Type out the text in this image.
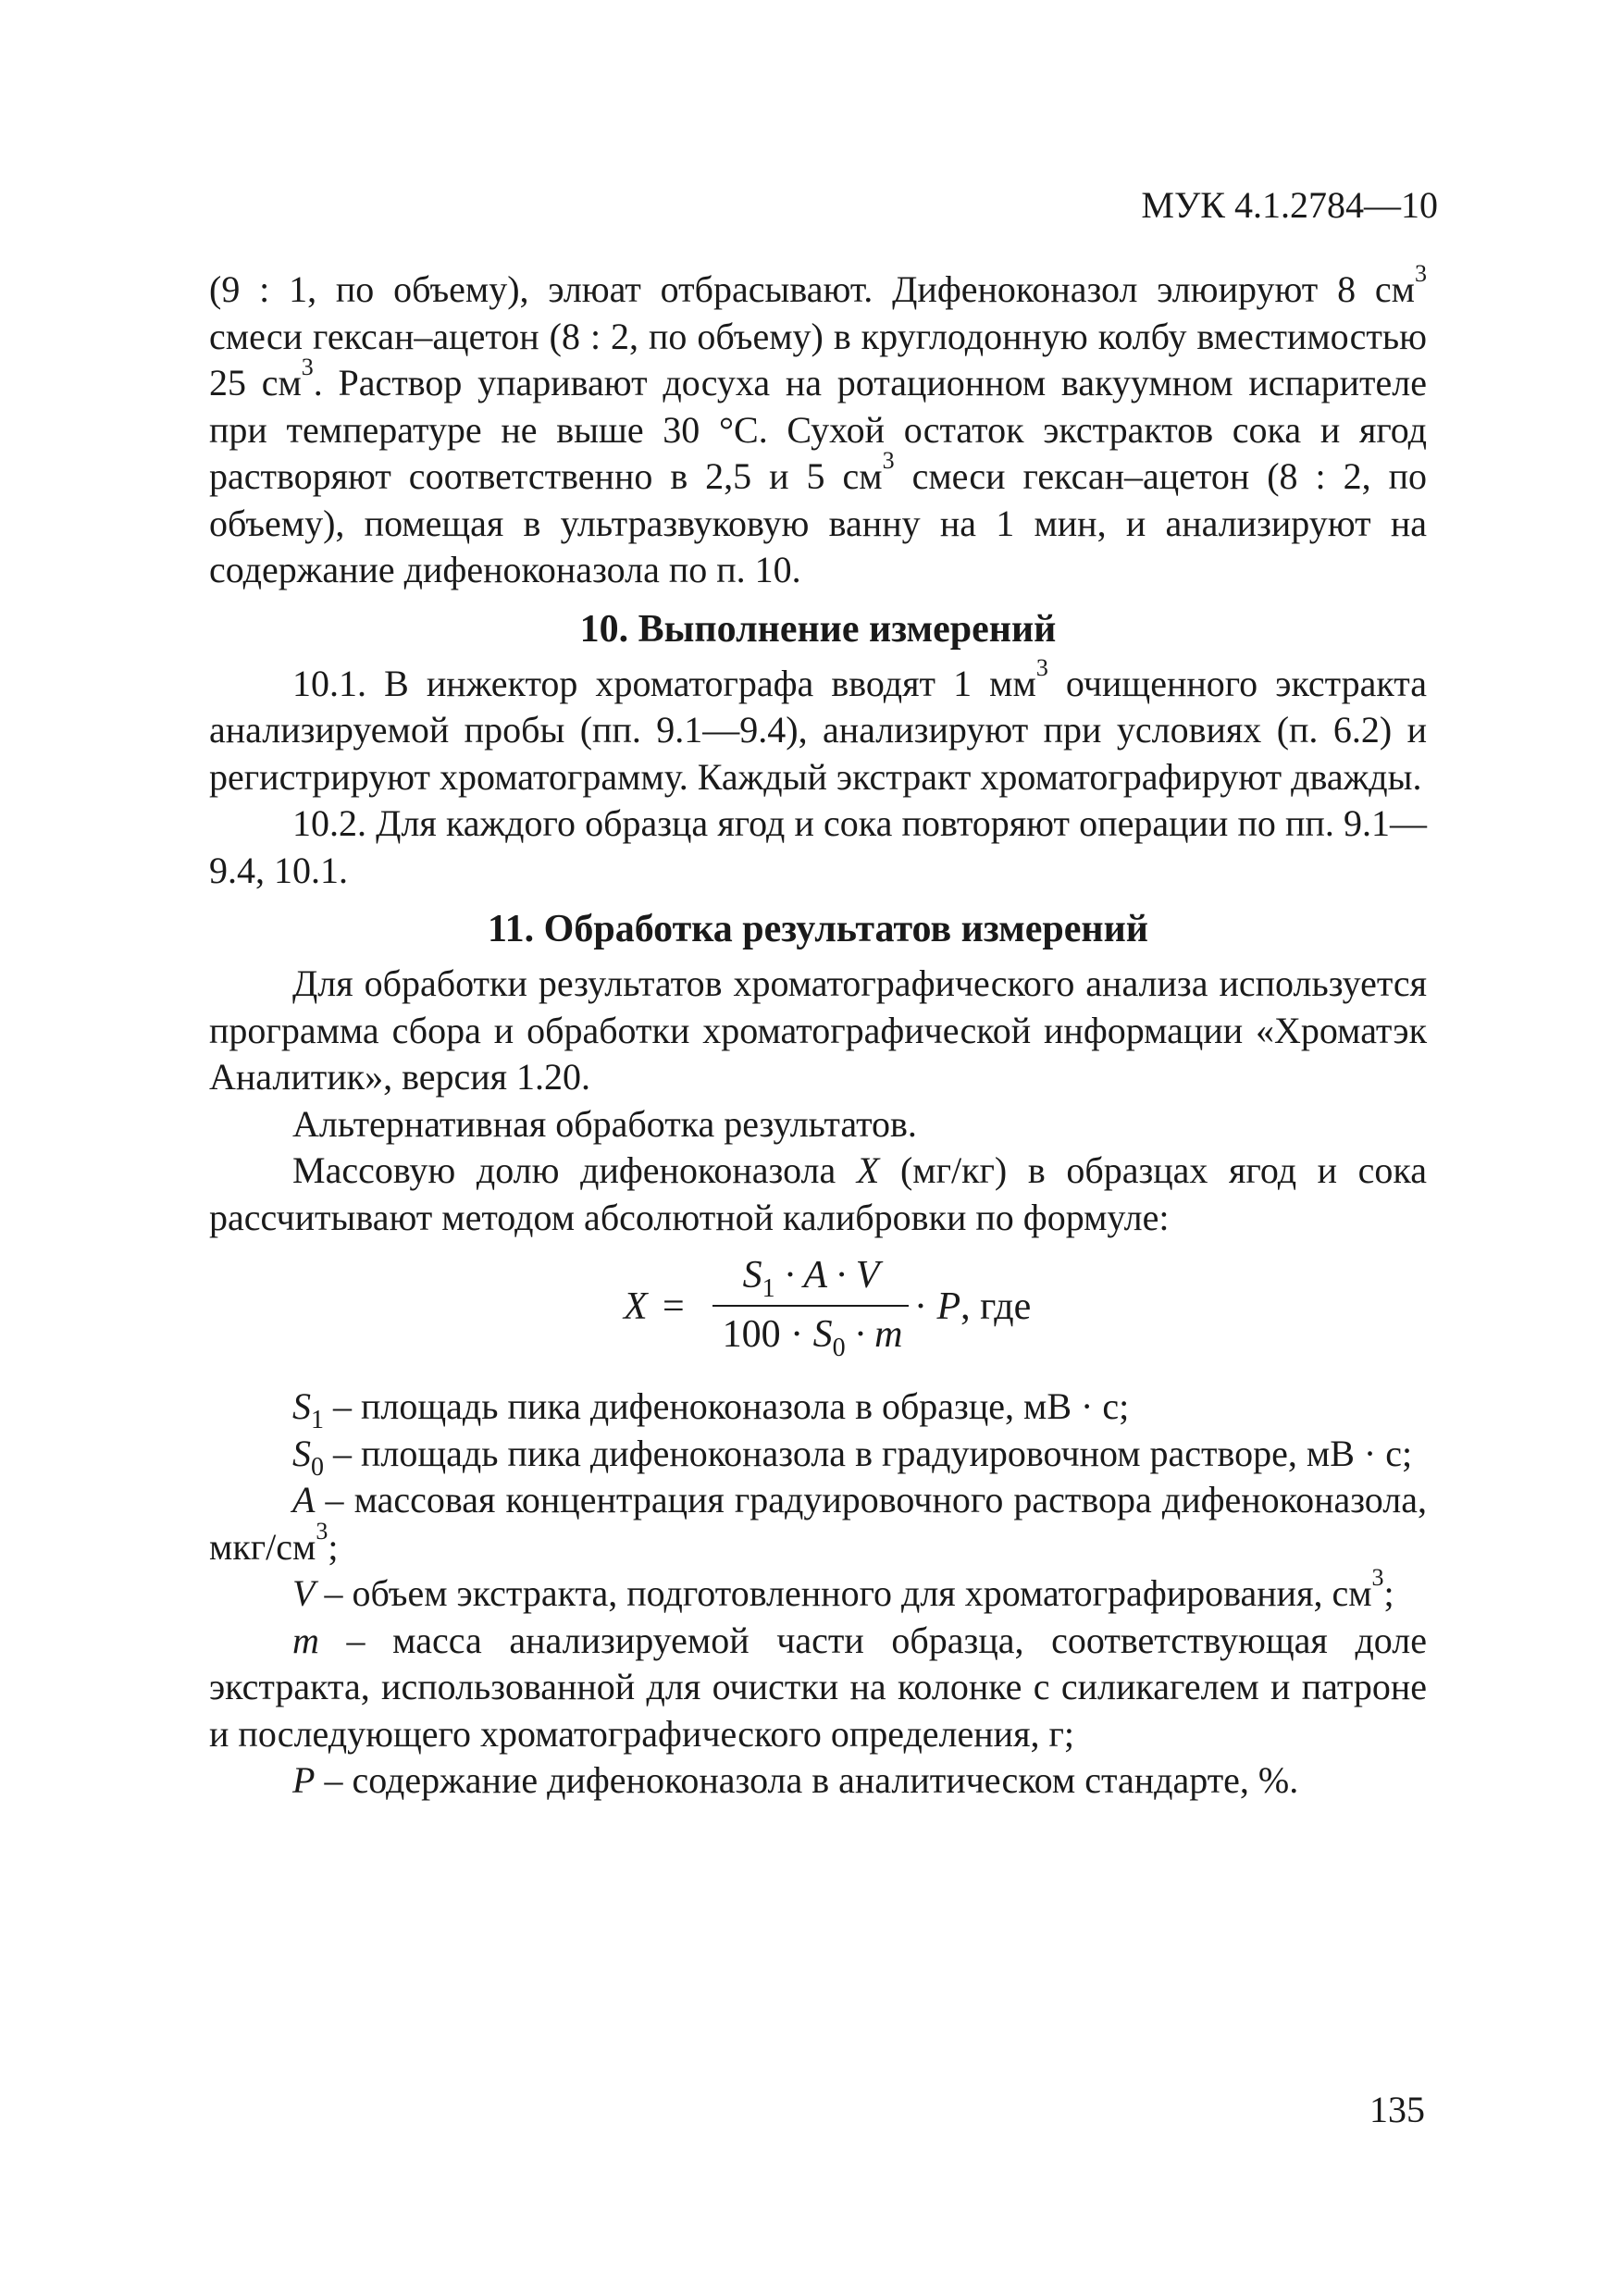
МУК 4.1.2784—10

(9 : 1, по объему), элюат отбрасывают. Дифеноконазол элюируют 8 $см^3$ смеси гексан–ацетон (8 : 2, по объему) в круглодонную колбу вместимостью 25 $см^3$. Раствор упаривают досуха на ротационном вакуумном испарителе при температуре не выше 30 °С. Сухой остаток экстрактов сока и ягод растворяют соответственно в 2,5 и 5 $см^3$ смеси гексан–ацетон (8 : 2, по объему), помещая в ультразвуковую ванну на 1 мин, и анализируют на содержание дифеноконазола по п. 10.

10. Выполнение измерений

10.1. В инжектор хроматографа вводят 1 $мм^3$ очищенного экстракта анализируемой пробы (пп. 9.1—9.4), анализируют при условиях (п. 6.2) и регистрируют хроматограмму. Каждый экстракт хроматографируют дважды.

10.2. Для каждого образца ягод и сока повторяют операции по пп. 9.1—9.4, 10.1.

11. Обработка результатов измерений

Для обработки результатов хроматографического анализа используется программа сбора и обработки хроматографической информации «Хроматэк Аналитик», версия 1.20.

Альтернативная обработка результатов.

Массовую долю дифеноконазола X (мг/кг) в образцах ягод и сока рассчитывают методом абсолютной калибровки по формуле:

X =
$S_1 \cdot A \cdot V$
$100 \cdot S_0 \cdot m$
· P, где

$S_1$ – площадь пика дифеноконазола в образце, мВ · с;

$S_0$ – площадь пика дифеноконазола в градуировочном растворе, мВ · с;

A – массовая концентрация градуировочного раствора дифеноконазола, мкг/$см^3$;

V – объем экстракта, подготовленного для хроматографирования, $см^3$;

m – масса анализируемой части образца, соответствующая доле экстракта, использованной для очистки на колонке с силикагелем и патроне и последующего хроматографического определения, г;

P – содержание дифеноконазола в аналитическом стандарте, %.

135
